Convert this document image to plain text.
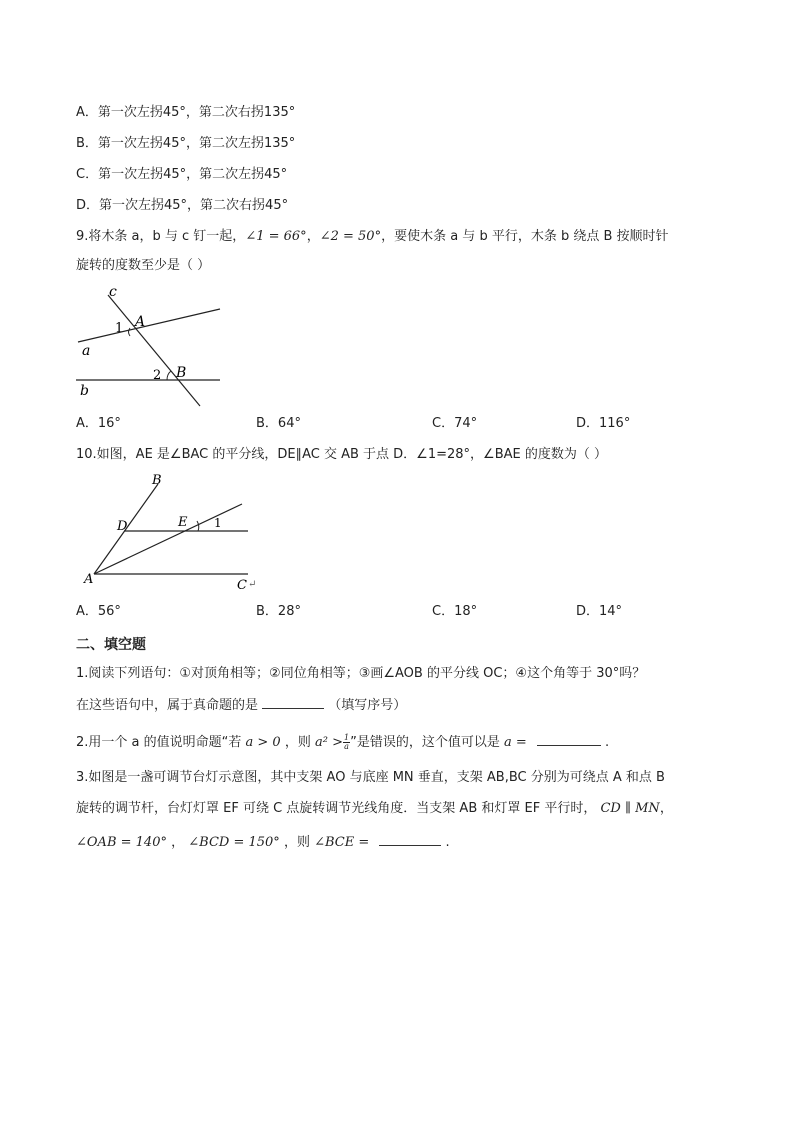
A．第一次左拐45°，第二次右拐135°
B．第一次左拐45°，第二次左拐135°
C．第一次左拐45°，第二次左拐45°
D．第一次左拐45°，第二次右拐45°
9.将木条 a，b 与 c 钉一起，∠1 = 66°，∠2 = 50°，要使木条 a 与 b 平行，木条 b 绕点 B 按顺时针
旋转的度数至少是（ ）
c
1 A
a
2 B
b
A．16°	B．64°	C．74°	D．116°
10.如图，AE 是∠BAC 的平分线，DE∥AC 交 AB 于点 D．∠1=28°，∠BAE 的度数为（ ）
B
D	E 1
A	C ↵
A．56°	B．28°	C．18°	D．14°
二、填空题
1.阅读下列语句：①对顶角相等；②同位角相等；③画∠AOB 的平分线 OC；④这个角等于 30°吗？
在这些语句中，属于真命题的是	（填写序号）
2.用一个 a 的值说明命题“若 a > 0 ，则 $a^2 > \frac{1}{a}$ ”是错误的，这个值可以是 a =	.
3.如图是一盏可调节台灯示意图，其中支架 AO 与底座 MN 垂直，支架 AB,BC 分别为可绕点 A 和点 B
旋转的调节杆，台灯灯罩 EF 可绕 C 点旋转调节光线角度．当支架 AB 和灯罩 EF 平行时， CD ∥ MN，
∠OAB = 140° ， ∠BCD = 150° ，则 ∠BCE =	.
